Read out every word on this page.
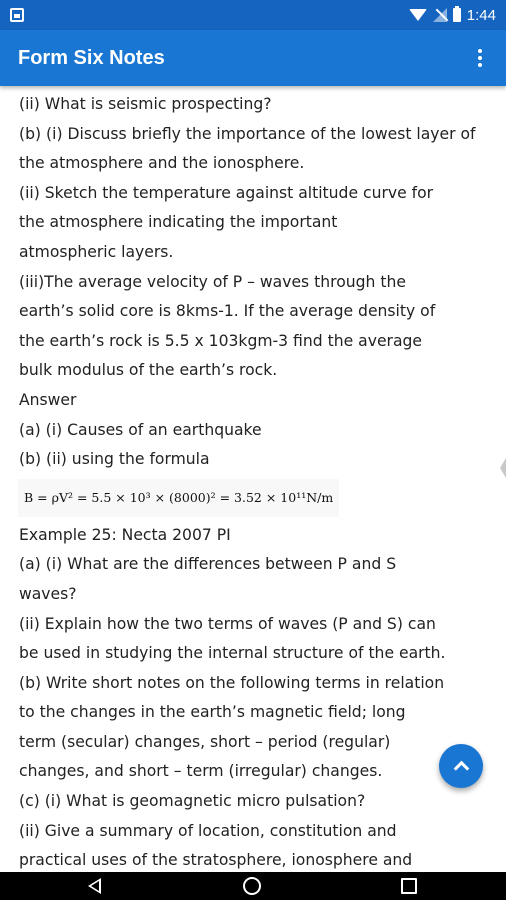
1:44
Form Six Notes
(ii) What is seismic prospecting?
(b) (i) Discuss briefly the importance of the lowest layer of
the atmosphere and the ionosphere.
(ii) Sketch the temperature against altitude curve for
the atmosphere indicating the important
atmospheric layers.
(iii)The average velocity of P – waves through the
earth’s solid core is 8kms-1. If the average density of
the earth’s rock is 5.5 x 103kgm-3 find the average
bulk modulus of the earth’s rock.
Answer
(a) (i) Causes of an earthquake
(b) (ii) using the formula
B = ρV² = 5.5 × 10³ × (8000)² = 3.52 × 10¹¹N/m
Example 25: Necta 2007 PI
(a) (i) What are the differences between P and S
waves?
(ii) Explain how the two terms of waves (P and S) can
be used in studying the internal structure of the earth.
(b) Write short notes on the following terms in relation
to the changes in the earth’s magnetic field; long
term (secular) changes, short – period (regular)
changes, and short – term (irregular) changes.
(c) (i) What is geomagnetic micro pulsation?
(ii) Give a summary of location, constitution and
practical uses of the stratosphere, ionosphere and
